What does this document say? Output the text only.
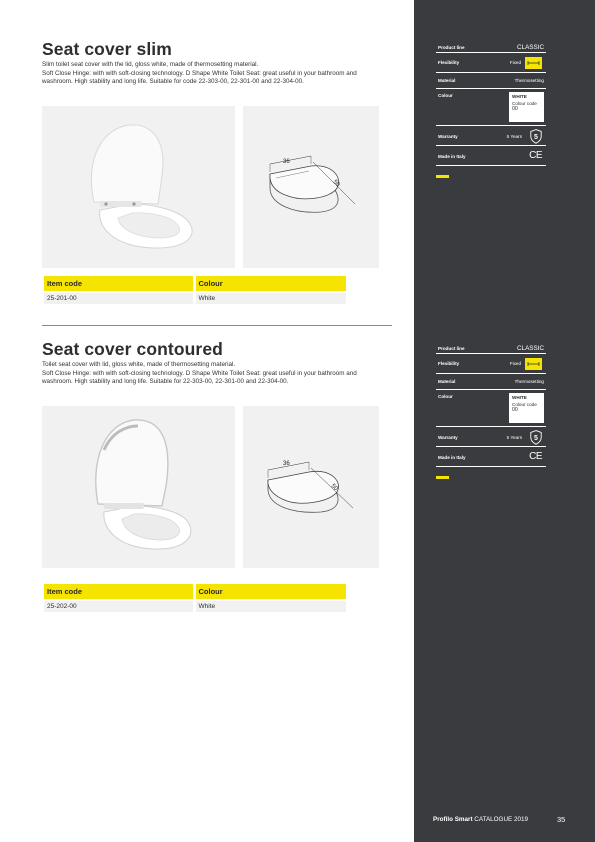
Seat cover slim

Slim toilet seat cover with the lid, gloss white, made of thermosetting material.
Soft Close Hinge: with with soft-closing technology. D Shape White Toilet Seat: great useful in your bathroom and washroom. High stability and long life. Suitable for code 22-303-00, 22-301-00 and 22-304-00.

36
50
Item code	Colour
25-201-00	White
Seat cover contoured

Toilet seat cover with lid, gloss white, made of thermosetting material.
Soft Close Hinge: with with soft-closing technology. D Shape White Toilet Seat: great useful in your bathroom and washroom. High stability and long life. Suitable for 22-303-00, 22-301-00 and 22-304-00.

36
50
Item code	Colour
25-202-00	White
Product line	CLASSIC
Flexibility	Fixed
Material	Thermosetting
Colour	WHITE
Colour code
00
Warranty	5 Years 5
Made in Italy	CE
Product line	CLASSIC
Flexibility	Fixed
Material	Thermosetting
Colour	WHITE
Colour code
00
Warranty	5 Years 5
Made in Italy	CE
Profilo Smart CATALOGUE 2019	35
